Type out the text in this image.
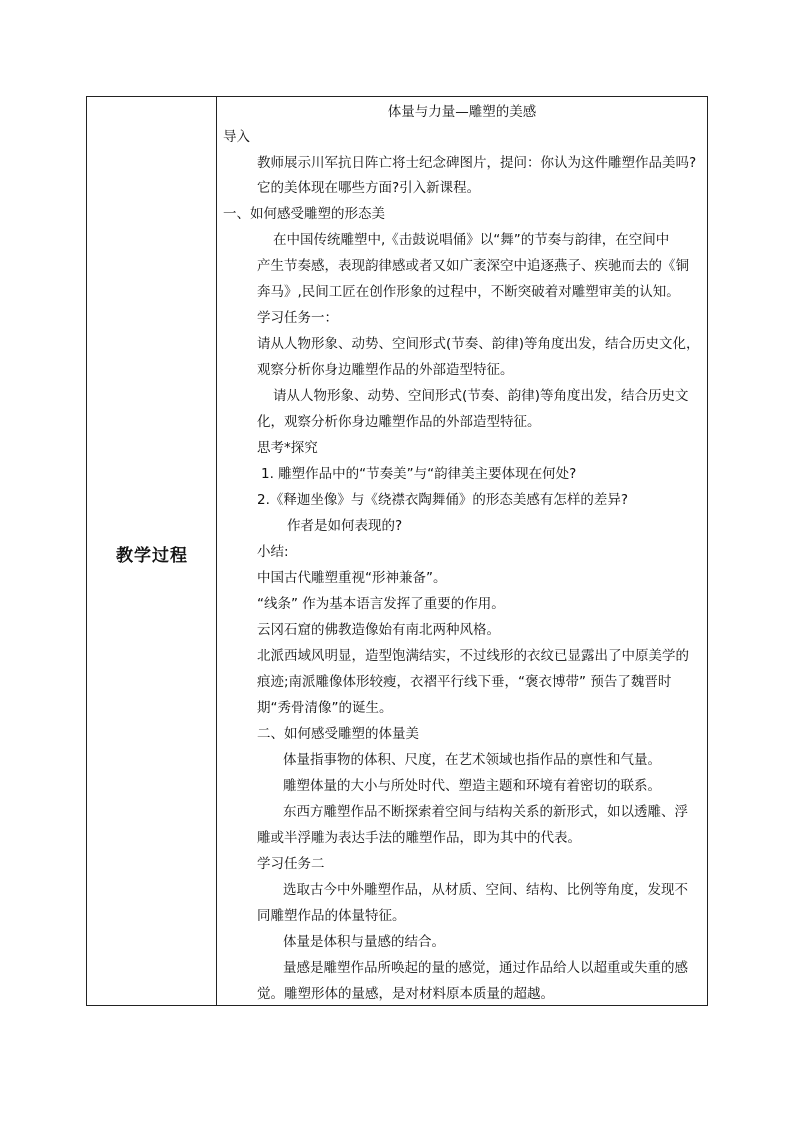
教学过程
体量与力量—雕塑的美感
导入
教师展示川军抗日阵亡将士纪念碑图片，提问：你认为这件雕塑作品美吗?
它的美体现在哪些方面?引入新课程。
一、如何感受雕塑的形态美
在中国传统雕塑中,《击鼓说唱俑》以“舞”的节奏与韵律，在空间中
产生节奏感，表现韵律感或者又如广袤深空中追逐燕子、疾驰而去的《铜
奔马》,民间工匠在创作形象的过程中，不断突破着对雕塑审美的认知。
学习任务一：
请从人物形象、动势、空间形式(节奏、韵律)等角度出发，结合历史文化，
观察分析你身边雕塑作品的外部造型特征。
请从人物形象、动势、空间形式(节奏、韵律)等角度出发，结合历史文
化，观察分析你身边雕塑作品的外部造型特征。
思考*探究
1. 雕塑作品中的“节奏美”与“韵律美主要体现在何处?
2.《释迦坐像》与《绕襟衣陶舞俑》的形态美感有怎样的差异?
作者是如何表现的?
小结:
中国古代雕塑重视“形神兼备”。
“线条” 作为基本语言发挥了重要的作用。
云冈石窟的佛教造像始有南北两种风格。
北派西域风明显，造型饱满结实，不过线形的衣纹已显露出了中原美学的
痕迹;南派雕像体形较瘦，衣褶平行线下垂，“褒衣博带” 预告了魏晋时
期“秀骨清像”的诞生。
二、如何感受雕塑的体量美
体量指事物的体积、尺度，在艺术领域也指作品的禀性和气量。
雕塑体量的大小与所处时代、塑造主题和环境有着密切的联系。
东西方雕塑作品不断探索着空间与结构关系的新形式，如以透雕、浮
雕或半浮雕为表达手法的雕塑作品，即为其中的代表。
学习任务二
选取古今中外雕塑作品，从材质、空间、结构、比例等角度，发现不
同雕塑作品的体量特征。
体量是体积与量感的结合。
量感是雕塑作品所唤起的量的感觉，通过作品给人以超重或失重的感
觉。雕塑形体的量感，是对材料原本质量的超越。
